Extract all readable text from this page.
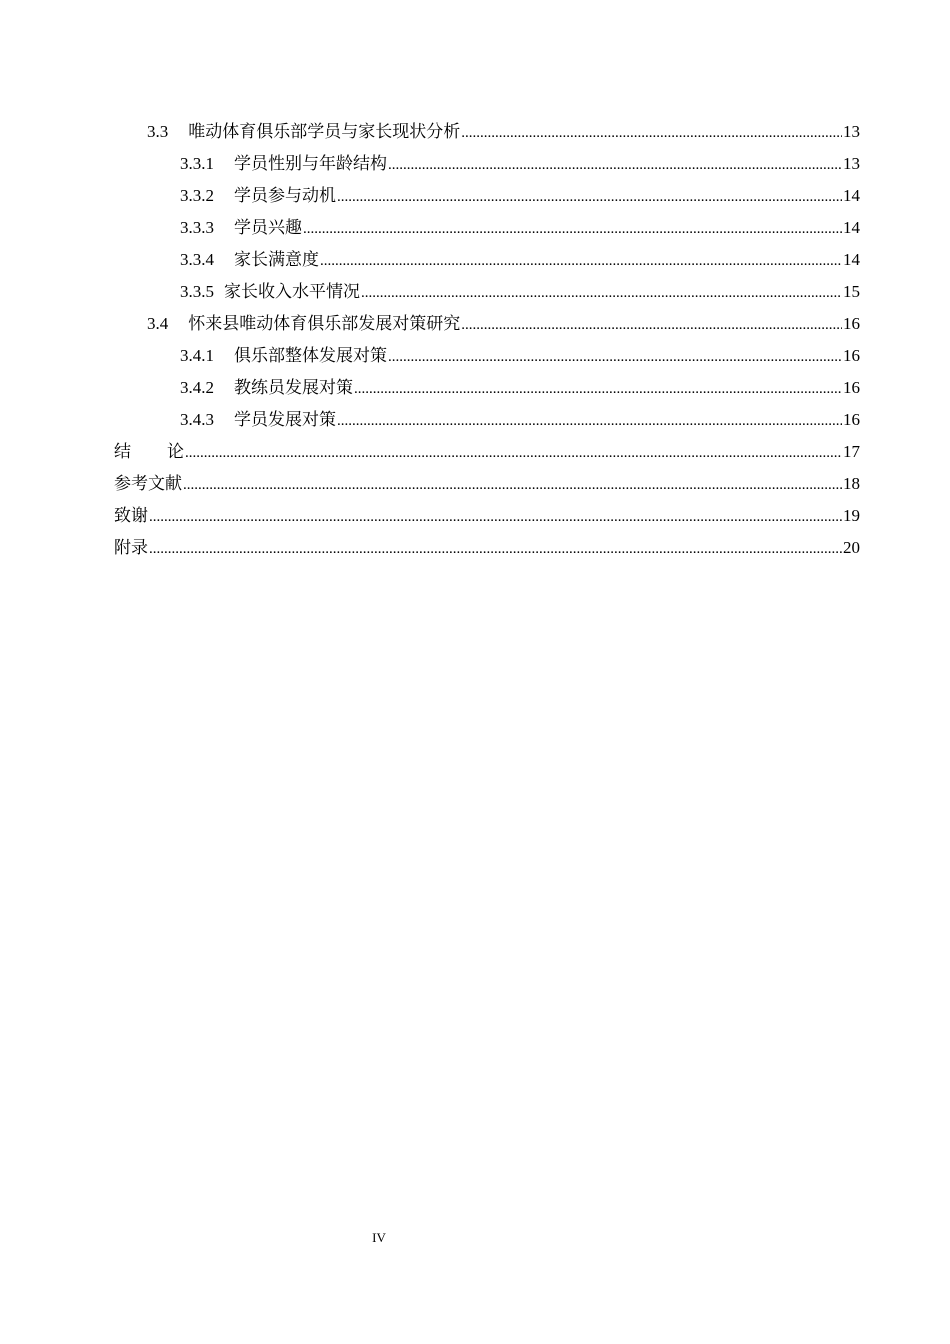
3.3 唯动体育俱乐部学员与家长现状分析 .....	13
3.3.1 学员性别与年龄结构 .....	13
3.3.2 学员参与动机 .....	14
3.3.3 学员兴趣 .....	14
3.3.4 家长满意度 .....	14
3.3.5 家长收入水平情况 .....	15
3.4 怀来县唯动体育俱乐部发展对策研究 .....	16
3.4.1 俱乐部整体发展对策 .....	16
3.4.2 教练员发展对策 .....	16
3.4.3 学员发展对策 .....	16
结 论 .....	17
参考文献 .....	18
致谢 .....	19
附录 .....	20
IV
